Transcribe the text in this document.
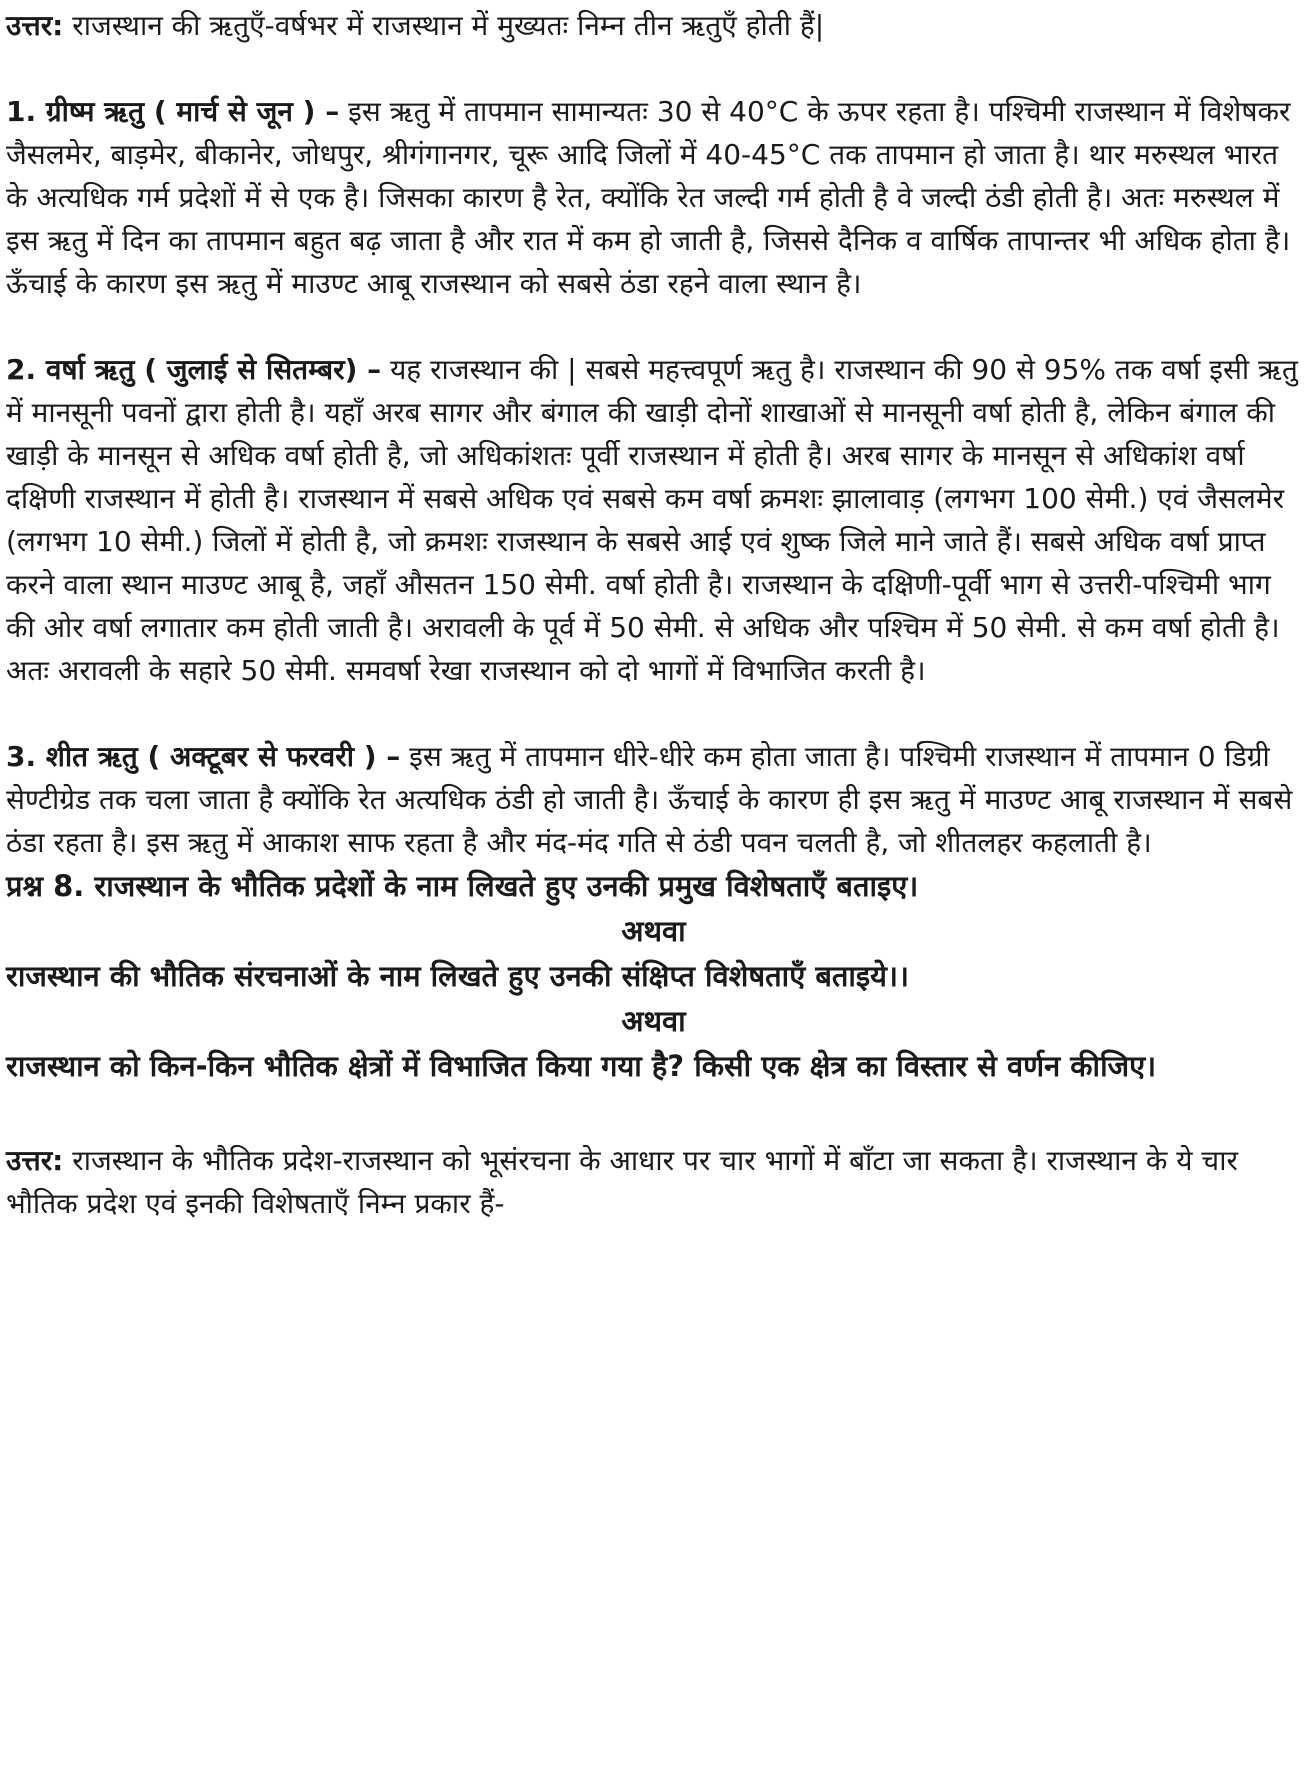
उत्तर: राजस्थान की ऋतुएँ-वर्षभर में राजस्थान में मुख्यतः निम्न तीन ऋतुएँ होती हैं|

1. ग्रीष्म ऋतु ( मार्च से जून ) – इस ऋतु में तापमान सामान्यतः 30 से 40°C के ऊपर रहता है। पश्चिमी राजस्थान में विशेषकर जैसलमेर, बाड़मेर, बीकानेर, जोधपुर, श्रीगंगानगर, चूरू आदि जिलों में 40-45°C तक तापमान हो जाता है। थार मरुस्थल भारत के अत्यधिक गर्म प्रदेशों में से एक है। जिसका कारण है रेत, क्योंकि रेत जल्दी गर्म होती है वे जल्दी ठंडी होती है। अतः मरुस्थल में इस ऋतु में दिन का तापमान बहुत बढ़ जाता है और रात में कम हो जाती है, जिससे दैनिक व वार्षिक तापान्तर भी अधिक होता है। ऊँचाई के कारण इस ऋतु में माउण्ट आबू राजस्थान को सबसे ठंडा रहने वाला स्थान है।

2. वर्षा ऋतु ( जुलाई से सितम्बर) – यह राजस्थान की | सबसे महत्त्वपूर्ण ऋतु है। राजस्थान की 90 से 95% तक वर्षा इसी ऋतु में मानसूनी पवनों द्वारा होती है। यहाँ अरब सागर और बंगाल की खाड़ी दोनों शाखाओं से मानसूनी वर्षा होती है, लेकिन बंगाल की खाड़ी के मानसून से अधिक वर्षा होती है, जो अधिकांशतः पूर्वी राजस्थान में होती है। अरब सागर के मानसून से अधिकांश वर्षा दक्षिणी राजस्थान में होती है। राजस्थान में सबसे अधिक एवं सबसे कम वर्षा क्रमशः झालावाड़ (लगभग 100 सेमी.) एवं जैसलमेर (लगभग 10 सेमी.) जिलों में होती है, जो क्रमशः राजस्थान के सबसे आई एवं शुष्क जिले माने जाते हैं। सबसे अधिक वर्षा प्राप्त करने वाला स्थान माउण्ट आबू है, जहाँ औसतन 150 सेमी. वर्षा होती है। राजस्थान के दक्षिणी-पूर्वी भाग से उत्तरी-पश्चिमी भाग की ओर वर्षा लगातार कम होती जाती है। अरावली के पूर्व में 50 सेमी. से अधिक और पश्चिम में 50 सेमी. से कम वर्षा होती है। अतः अरावली के सहारे 50 सेमी. समवर्षा रेखा राजस्थान को दो भागों में विभाजित करती है।

3. शीत ऋतु ( अक्टूबर से फरवरी ) – इस ऋतु में तापमान धीरे-धीरे कम होता जाता है। पश्चिमी राजस्थान में तापमान 0 डिग्री सेण्टीग्रेड तक चला जाता है क्योंकि रेत अत्यधिक ठंडी हो जाती है। ऊँचाई के कारण ही इस ऋतु में माउण्ट आबू राजस्थान में सबसे ठंडा रहता है। इस ऋतु में आकाश साफ रहता है और मंद-मंद गति से ठंडी पवन चलती है, जो शीतलहर कहलाती है।

प्रश्न 8. राजस्थान के भौतिक प्रदेशों के नाम लिखते हुए उनकी प्रमुख विशेषताएँ बताइए।

अथवा

राजस्थान की भौतिक संरचनाओं के नाम लिखते हुए उनकी संक्षिप्त विशेषताएँ बताइये।।

अथवा

राजस्थान को किन-किन भौतिक क्षेत्रों में विभाजित किया गया है? किसी एक क्षेत्र का विस्तार से वर्णन कीजिए।

उत्तर: राजस्थान के भौतिक प्रदेश-राजस्थान को भूसंरचना के आधार पर चार भागों में बाँटा जा सकता है। राजस्थान के ये चार भौतिक प्रदेश एवं इनकी विशेषताएँ निम्न प्रकार हैं-
